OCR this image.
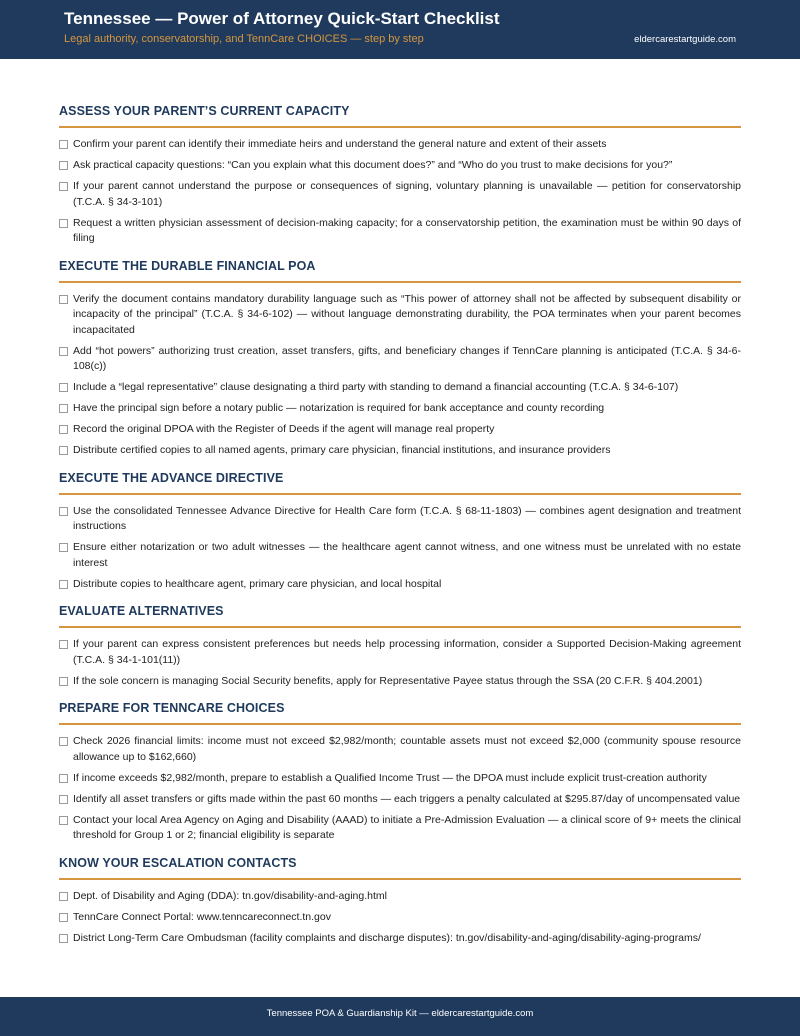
Tennessee — Power of Attorney Quick-Start Checklist
Legal authority, conservatorship, and TennCare CHOICES — step by step	eldercarestartguide.com
ASSESS YOUR PARENT’S CURRENT CAPACITY
Confirm your parent can identify their immediate heirs and understand the general nature and extent of their assets
Ask practical capacity questions: “Can you explain what this document does?” and “Who do you trust to make decisions for you?”
If your parent cannot understand the purpose or consequences of signing, voluntary planning is unavailable — petition for conservatorship (T.C.A. § 34-3-101)
Request a written physician assessment of decision-making capacity; for a conservatorship petition, the examination must be within 90 days of filing
EXECUTE THE DURABLE FINANCIAL POA
Verify the document contains mandatory durability language such as “This power of attorney shall not be affected by subsequent disability or incapacity of the principal” (T.C.A. § 34-6-102) — without language demonstrating durability, the POA terminates when your parent becomes incapacitated
Add “hot powers” authorizing trust creation, asset transfers, gifts, and beneficiary changes if TennCare planning is anticipated (T.C.A. § 34-6-108(c))
Include a “legal representative” clause designating a third party with standing to demand a financial accounting (T.C.A. § 34-6-107)
Have the principal sign before a notary public — notarization is required for bank acceptance and county recording
Record the original DPOA with the Register of Deeds if the agent will manage real property
Distribute certified copies to all named agents, primary care physician, financial institutions, and insurance providers
EXECUTE THE ADVANCE DIRECTIVE
Use the consolidated Tennessee Advance Directive for Health Care form (T.C.A. § 68-11-1803) — combines agent designation and treatment instructions
Ensure either notarization or two adult witnesses — the healthcare agent cannot witness, and one witness must be unrelated with no estate interest
Distribute copies to healthcare agent, primary care physician, and local hospital
EVALUATE ALTERNATIVES
If your parent can express consistent preferences but needs help processing information, consider a Supported Decision-Making agreement (T.C.A. § 34-1-101(11))
If the sole concern is managing Social Security benefits, apply for Representative Payee status through the SSA (20 C.F.R. § 404.2001)
PREPARE FOR TENNCARE CHOICES
Check 2026 financial limits: income must not exceed $2,982/month; countable assets must not exceed $2,000 (community spouse resource allowance up to $162,660)
If income exceeds $2,982/month, prepare to establish a Qualified Income Trust — the DPOA must include explicit trust-creation authority
Identify all asset transfers or gifts made within the past 60 months — each triggers a penalty calculated at $295.87/day of uncompensated value
Contact your local Area Agency on Aging and Disability (AAAD) to initiate a Pre-Admission Evaluation — a clinical score of 9+ meets the clinical threshold for Group 1 or 2; financial eligibility is separate
KNOW YOUR ESCALATION CONTACTS
Dept. of Disability and Aging (DDA): tn.gov/disability-and-aging.html
TennCare Connect Portal: www.tenncareconnect.tn.gov
District Long-Term Care Ombudsman (facility complaints and discharge disputes): tn.gov/disability-and-aging/disability-aging-programs/
Tennessee POA & Guardianship Kit — eldercarestartguide.com
